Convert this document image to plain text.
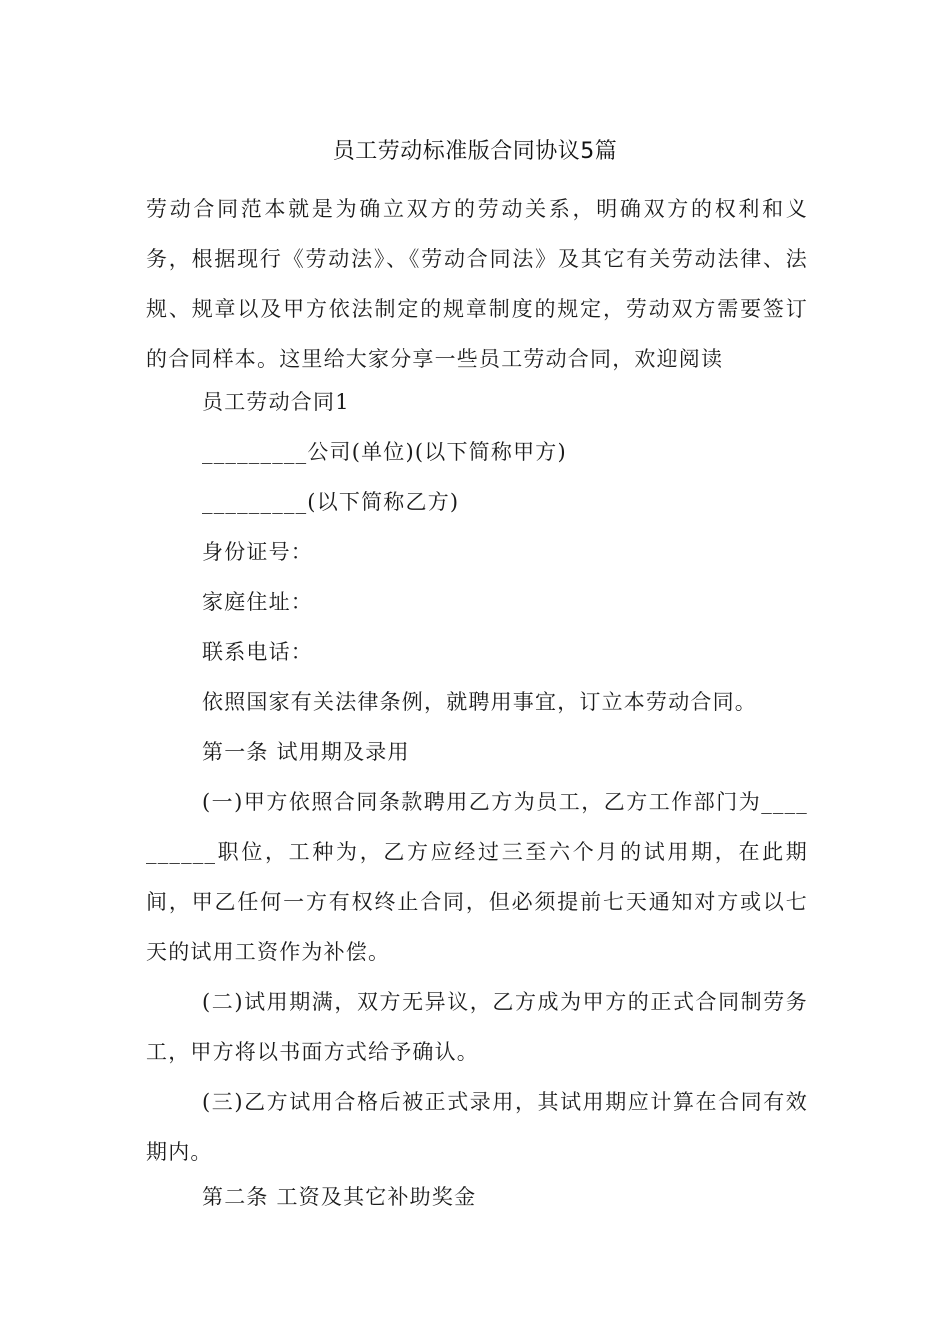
员工劳动标准版合同协议5篇

劳动合同范本就是为确立双方的劳动关系，明确双方的权利和义务，根据现行《劳动法》、《劳动合同法》及其它有关劳动法律、法规、规章以及甲方依法制定的规章制度的规定，劳动双方需要签订的合同样本。这里给大家分享一些员工劳动合同，欢迎阅读

员工劳动合同1

_________公司(单位)(以下简称甲方)

_________(以下简称乙方)

身份证号：

家庭住址：

联系电话：

依照国家有关法律条例，就聘用事宜，订立本劳动合同。

第一条 试用期及录用

(一)甲方依照合同条款聘用乙方为员工，乙方工作部门为__________职位，工种为，乙方应经过三至六个月的试用期，在此期间，甲乙任何一方有权终止合同，但必须提前七天通知对方或以七天的试用工资作为补偿。

(二)试用期满，双方无异议，乙方成为甲方的正式合同制劳务工，甲方将以书面方式给予确认。

(三)乙方试用合格后被正式录用，其试用期应计算在合同有效期内。

第二条 工资及其它补助奖金
